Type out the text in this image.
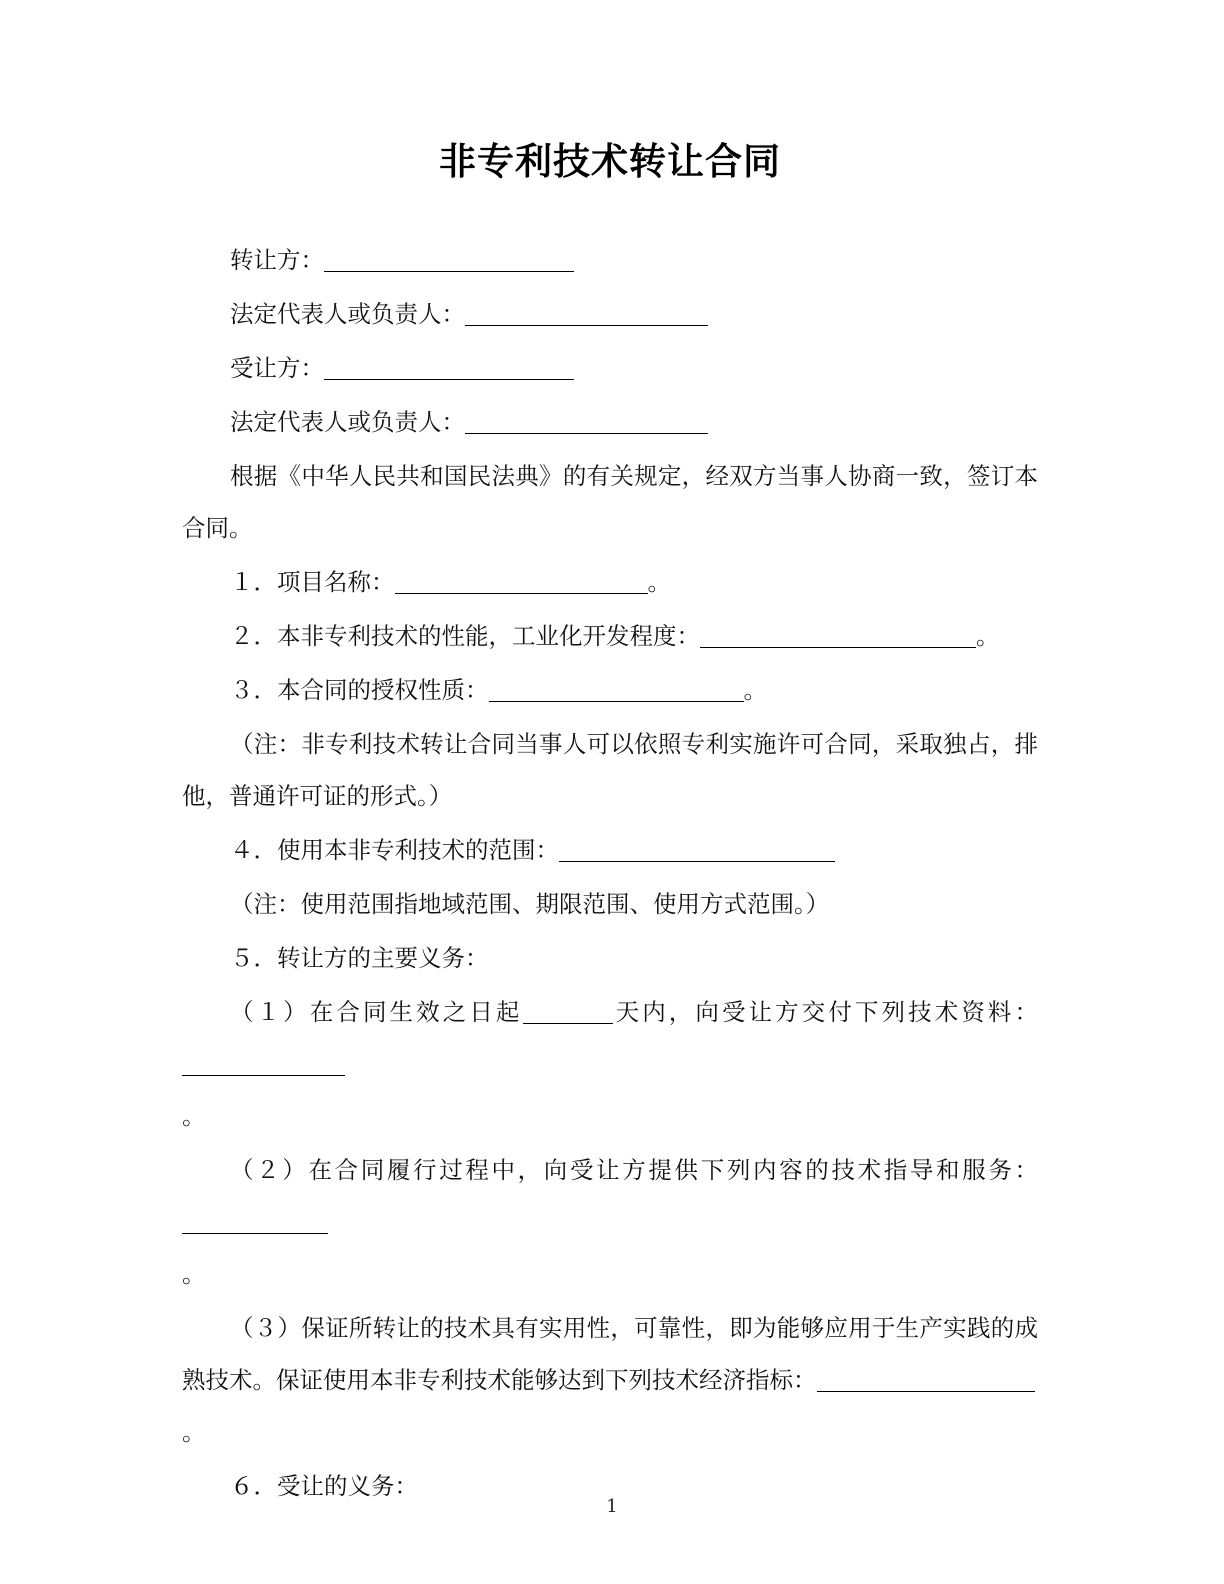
非专利技术转让合同

转让方：

法定代表人或负责人：

受让方：

法定代表人或负责人：

根据《中华人民共和国民法典》的有关规定，经双方当事人协商一致，签订本合同。

１．项目名称：	。

２．本非专利技术的性能，工业化开发程度：	。

３．本合同的授权性质：	。

（注：非专利技术转让合同当事人可以依照专利实施许可合同，采取独占，排他，普通许可证的形式。）

４．使用本非专利技术的范围：

（注：使用范围指地域范围、期限范围、使用方式范围。）

５．转让方的主要义务：

（１）在合同生效之日起	天内，向受让方交付下列技术资料：

。

（２）在合同履行过程中，向受让方提供下列内容的技术指导和服务：

。

（３）保证所转让的技术具有实用性，可靠性，即为能够应用于生产实践的成熟技术。保证使用本非专利技术能够达到下列技术经济指标：

。

６．受让的义务：

1
